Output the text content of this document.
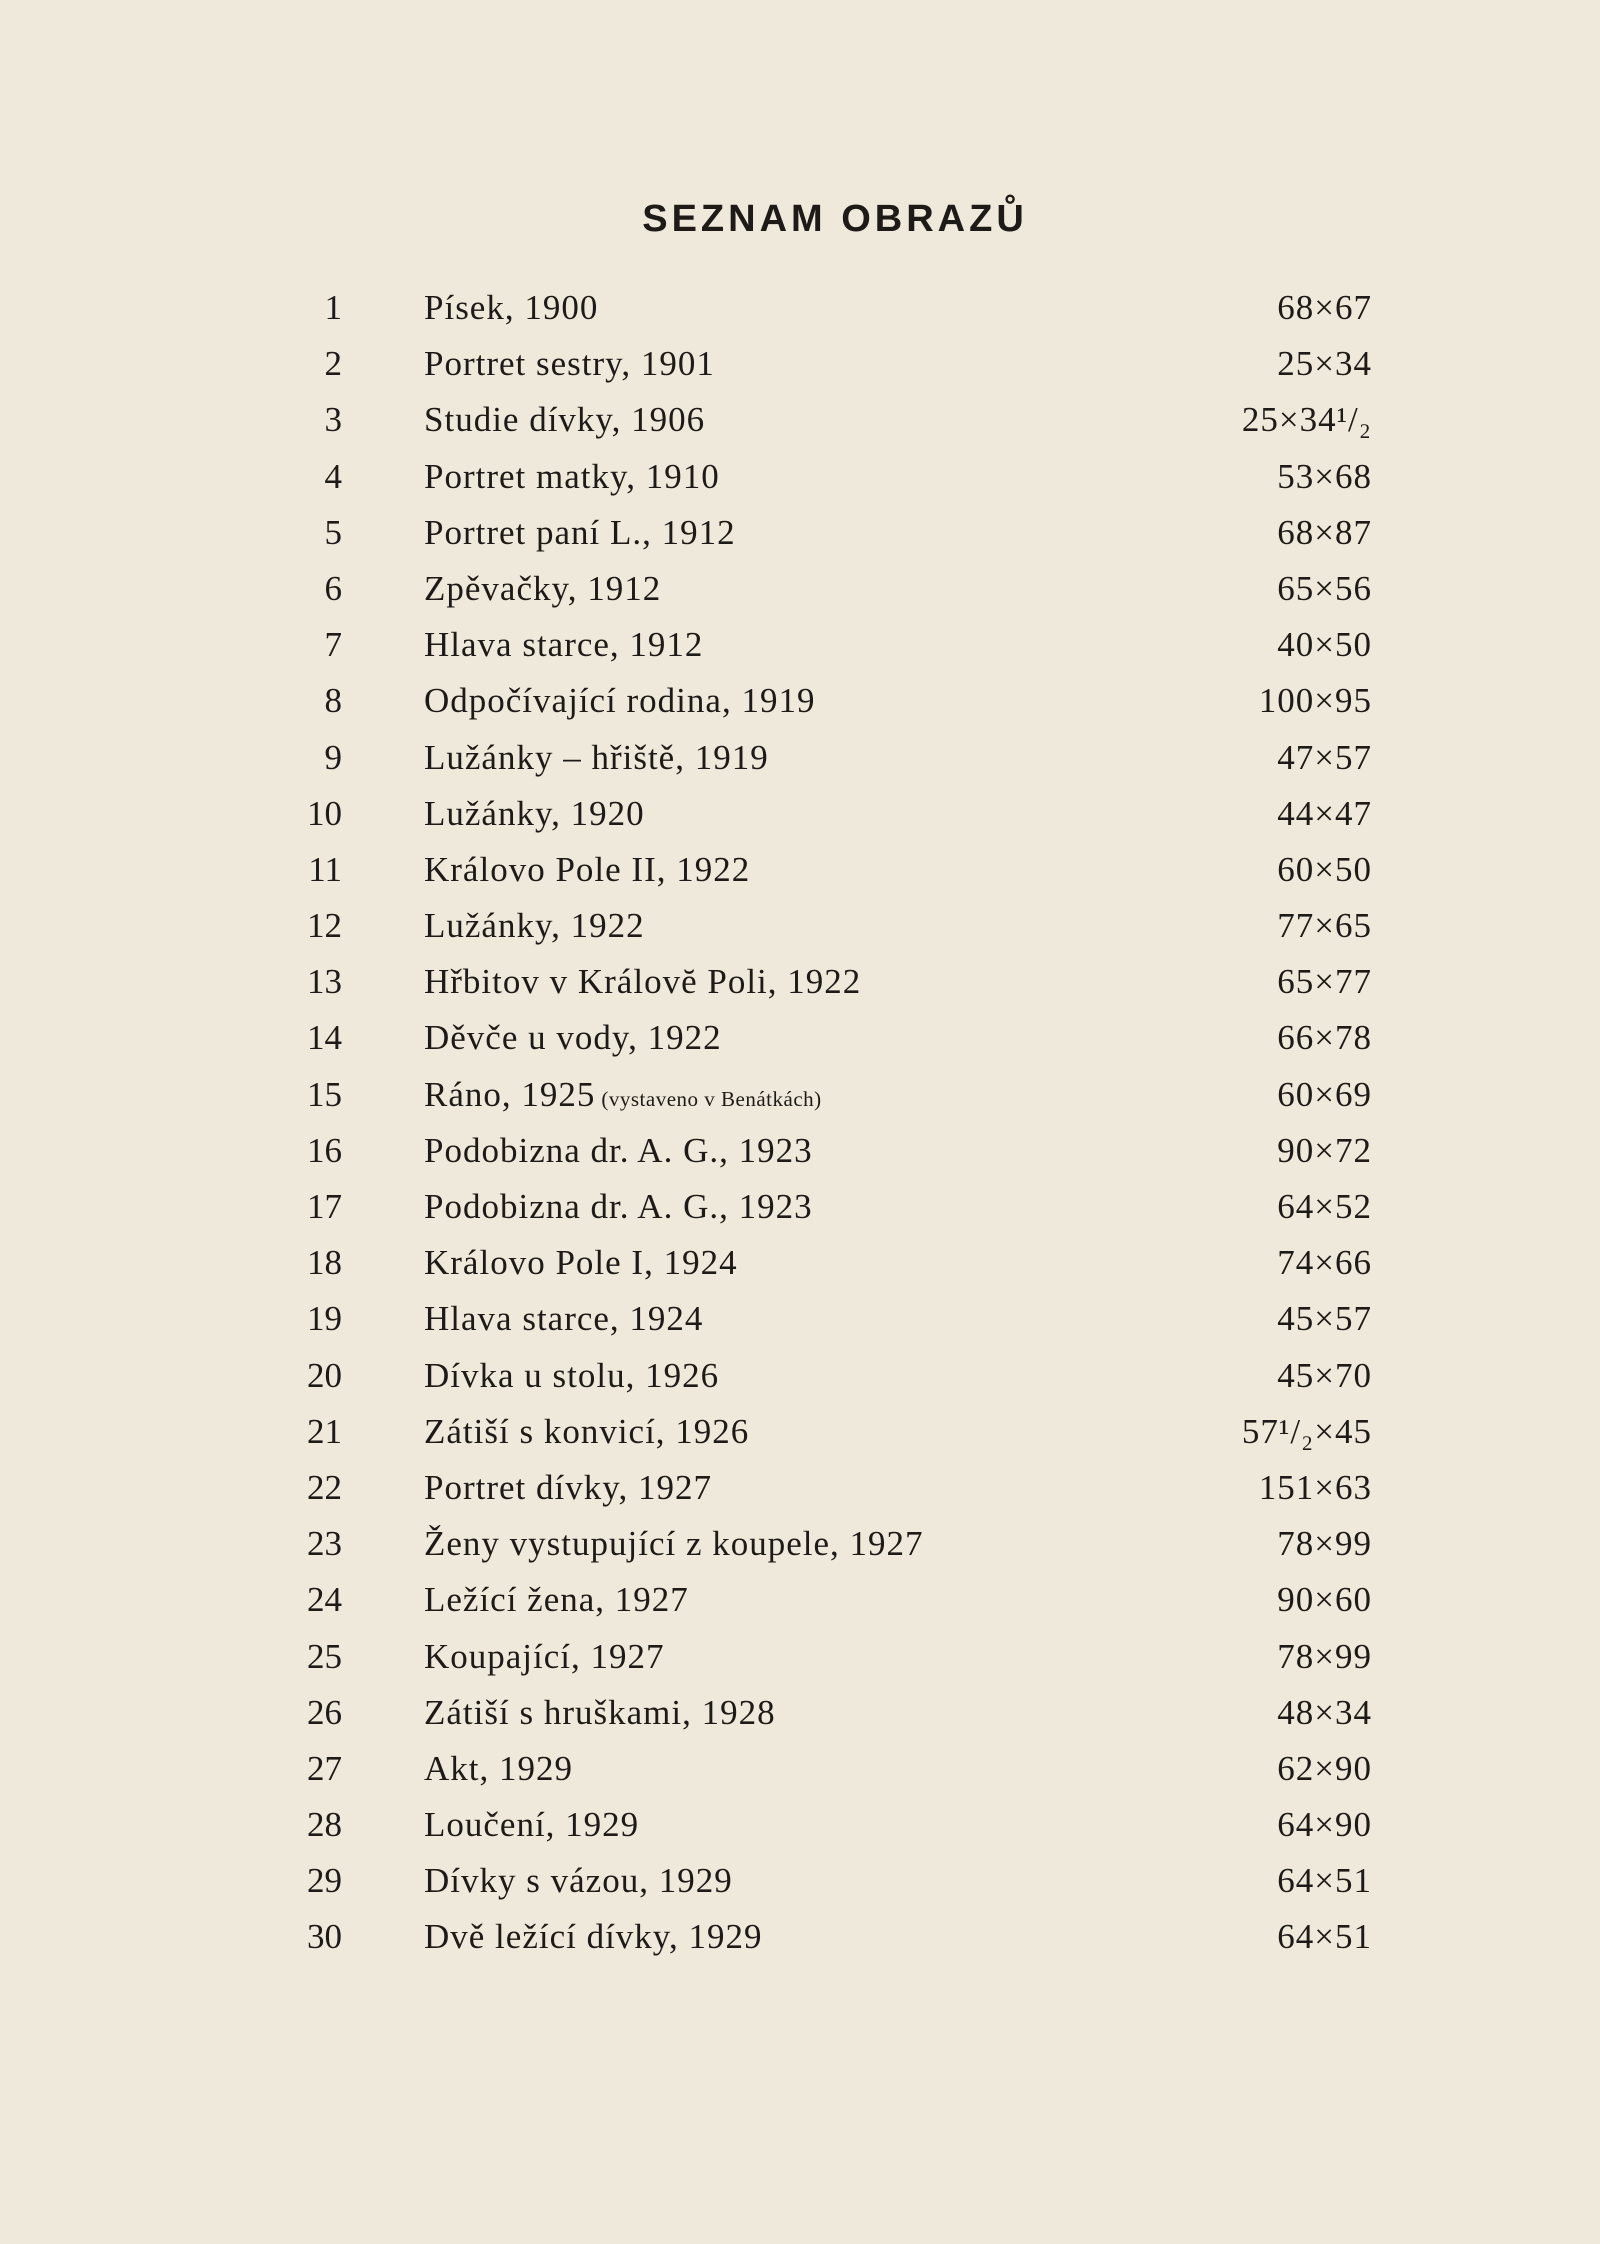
SEZNAM OBRAZŮ
1 Písek, 1900	68×67
2 Portret sestry, 1901	25×34
3 Studie dívky, 1906	25×34¹/₂
4 Portret matky, 1910	53×68
5 Portret paní L., 1912	68×87
6 Zpěvačky, 1912	65×56
7 Hlava starce, 1912	40×50
8 Odpočívající rodina, 1919	100×95
9 Lužánky – hřiště, 1919	47×57
10 Lužánky, 1920	44×47
11 Královo Pole II, 1922	60×50
12 Lužánky, 1922	77×65
13 Hřbitov v Královĕ Poli, 1922	65×77
14 Děvče u vody, 1922	66×78
15 Ráno, 1925 (vystaveno v Benátkách)	60×69
16 Podobizna dr. A. G., 1923	90×72
17 Podobizna dr. A. G., 1923	64×52
18 Královo Pole I, 1924	74×66
19 Hlava starce, 1924	45×57
20 Dívka u stolu, 1926	45×70
21 Zátiší s konvicí, 1926	57¹/₂×45
22 Portret dívky, 1927	151×63
23 Ženy vystupující z koupele, 1927	78×99
24 Ležící žena, 1927	90×60
25 Koupající, 1927	78×99
26 Zátiší s hruškami, 1928	48×34
27 Akt, 1929	62×90
28 Loučení, 1929	64×90
29 Dívky s vázou, 1929	64×51
30 Dvě ležící dívky, 1929	64×51
